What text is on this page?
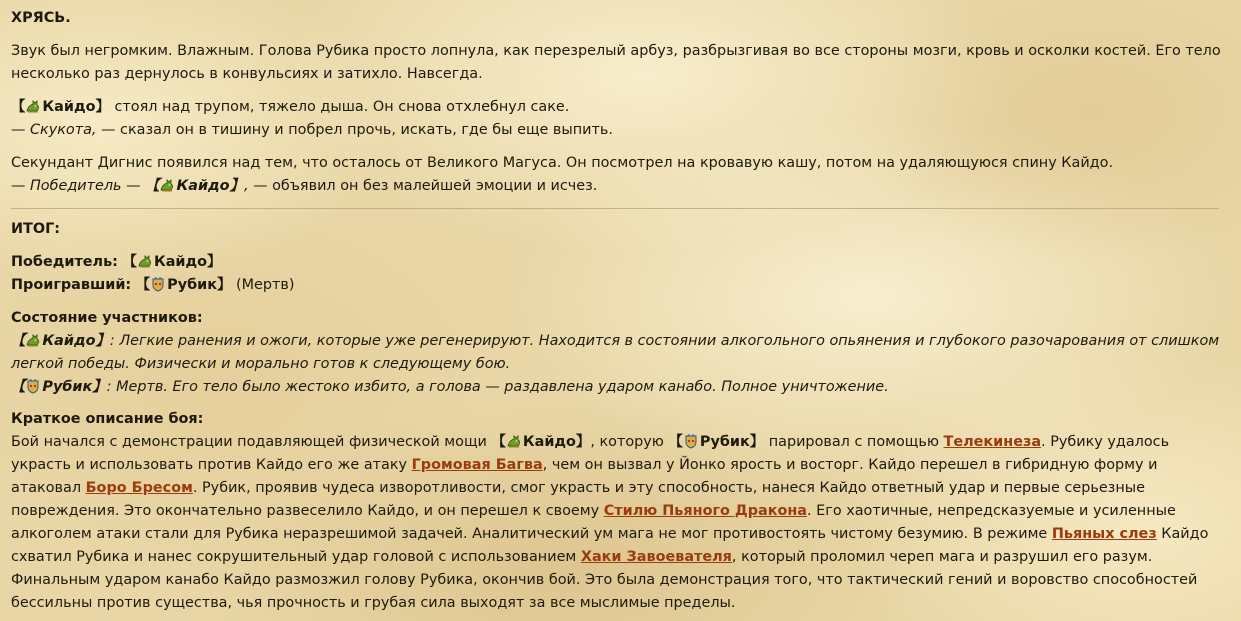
ХРЯСЬ.

Звук был негромким. Влажным. Голова Рубика просто лопнула, как перезрелый арбуз, разбрызгивая во все стороны мозги, кровь и осколки костей. Его тело несколько раз дернулось в конвульсиях и затихло. Навсегда.

【 Кайдо】 стоял над трупом, тяжело дыша. Он снова отхлебнул саке.
— Скукота, — сказал он в тишину и побрел прочь, искать, где бы еще выпить.

Секундант Дигнис появился над тем, что осталось от Великого Магуса. Он посмотрел на кровавую кашу, потом на удаляющуюся спину Кайдо.
— Победитель — 【 Кайдо】, — объявил он без малейшей эмоции и исчез.

ИТОГ:

Победитель: 【 Кайдо】

Проигравший: 【 Рубик】 (Мертв)

Состояние участников:

【 Кайдо】: Легкие ранения и ожоги, которые уже регенерируют. Находится в состоянии алкогольного опьянения и глубокого разочарования от слишком легкой победы. Физически и морально готов к следующему бою.

【 Рубик】: Мертв. Его тело было жестоко избито, а голова — раздавлена ударом канабо. Полное уничтожение.

Краткое описание боя:

Бой начался с демонстрации подавляющей физической мощи 【 Кайдо】, которую 【 Рубик】 парировал с помощью Телекинеза. Рубику удалось украсть и использовать против Кайдо его же атаку Громовая Багва, чем он вызвал у Йонко ярость и восторг. Кайдо перешел в гибридную форму и атаковал Боро Бресом. Рубик, проявив чудеса изворотливости, смог украсть и эту способность, нанеся Кайдо ответный удар и первые серьезные повреждения. Это окончательно развеселило Кайдо, и он перешел к своему Стилю Пьяного Дракона. Его хаотичные, непредсказуемые и усиленные алкоголем атаки стали для Рубика неразрешимой задачей. Аналитический ум мага не мог противостоять чистому безумию. В режиме Пьяных слез Кайдо схватил Рубика и нанес сокрушительный удар головой с использованием Хаки Завоевателя, который проломил череп мага и разрушил его разум. Финальным ударом канабо Кайдо размозжил голову Рубика, окончив бой. Это была демонстрация того, что тактический гений и воровство способностей бессильны против существа, чья прочность и грубая сила выходят за все мыслимые пределы.
